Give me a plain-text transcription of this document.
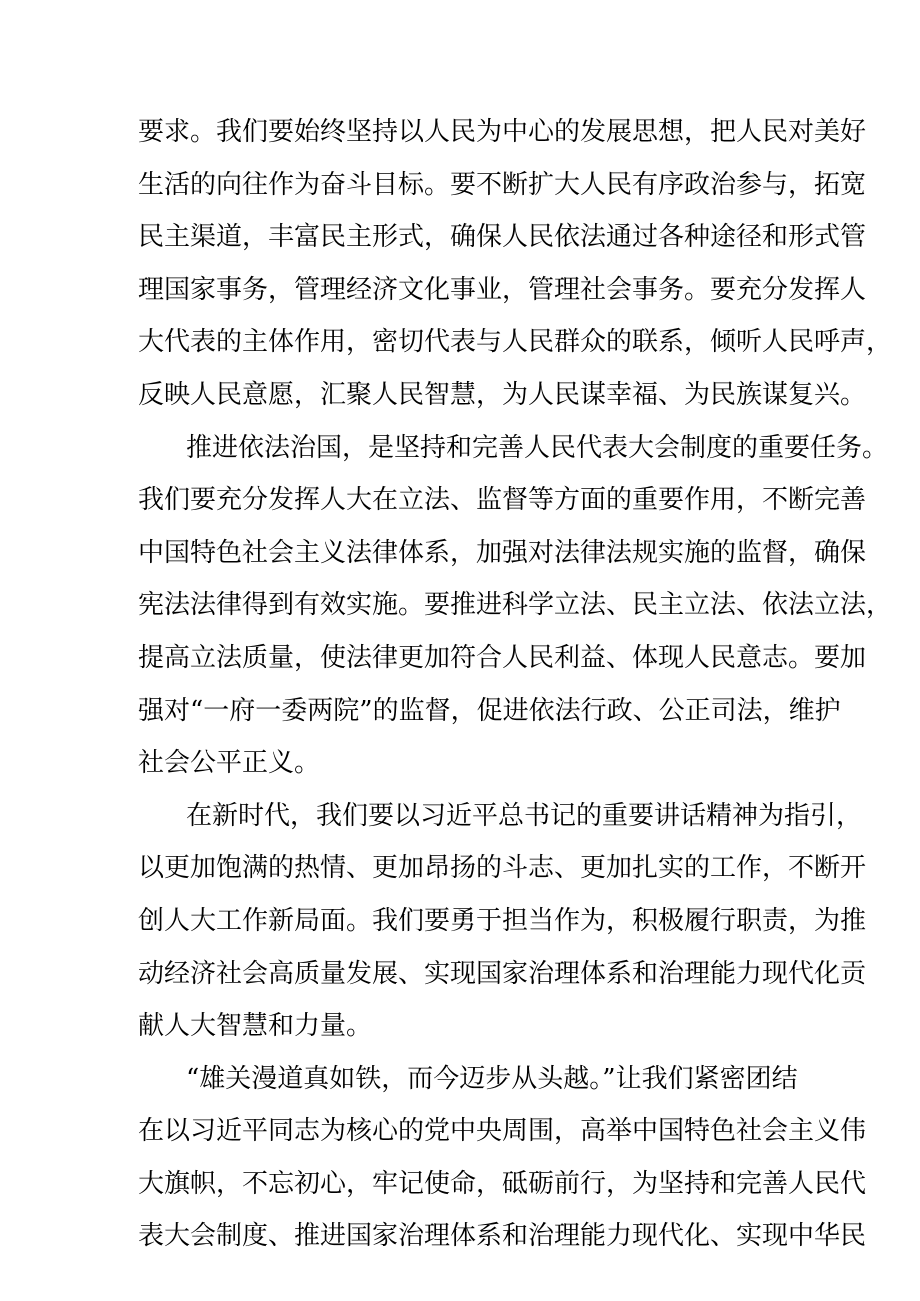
要求。我们要始终坚持以人民为中心的发展思想，把人民对美好
生活的向往作为奋斗目标。要不断扩大人民有序政治参与，拓宽
民主渠道，丰富民主形式，确保人民依法通过各种途径和形式管
理国家事务，管理经济文化事业，管理社会事务。要充分发挥人
大代表的主体作用，密切代表与人民群众的联系，倾听人民呼声，
反映人民意愿，汇聚人民智慧，为人民谋幸福、为民族谋复兴。
推进依法治国，是坚持和完善人民代表大会制度的重要任务。
我们要充分发挥人大在立法、监督等方面的重要作用，不断完善
中国特色社会主义法律体系，加强对法律法规实施的监督，确保
宪法法律得到有效实施。要推进科学立法、民主立法、依法立法，
提高立法质量，使法律更加符合人民利益、体现人民意志。要加
强对“一府一委两院”的监督，促进依法行政、公正司法，维护
社会公平正义。
在新时代，我们要以习近平总书记的重要讲话精神为指引，
以更加饱满的热情、更加昂扬的斗志、更加扎实的工作，不断开
创人大工作新局面。我们要勇于担当作为，积极履行职责，为推
动经济社会高质量发展、实现国家治理体系和治理能力现代化贡
献人大智慧和力量。
“雄关漫道真如铁，而今迈步从头越。”让我们紧密团结
在以习近平同志为核心的党中央周围，高举中国特色社会主义伟
大旗帜，不忘初心，牢记使命，砥砺前行，为坚持和完善人民代
表大会制度、推进国家治理体系和治理能力现代化、实现中华民
